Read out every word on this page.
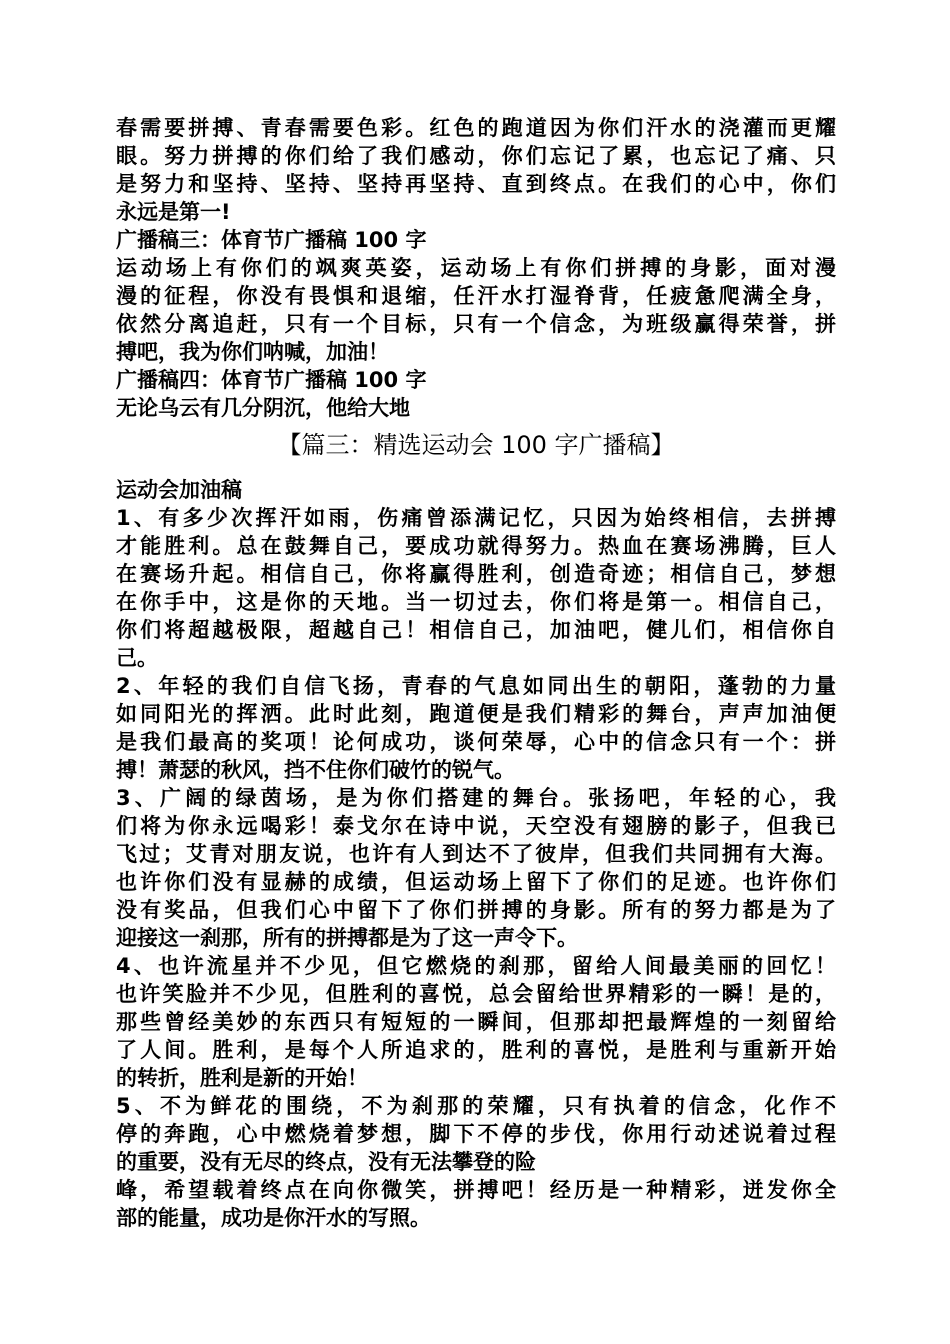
春需要拼搏、青春需要色彩。红色的跑道因为你们汗水的浇灌而更耀
眼。努力拼搏的你们给了我们感动，你们忘记了累，也忘记了痛、只
是努力和坚持、坚持、坚持再坚持、直到终点。在我们的心中，你们
永远是第一!
广播稿三：体育节广播稿 100 字
运动场上有你们的飒爽英姿，运动场上有你们拼搏的身影，面对漫
漫的征程，你没有畏惧和退缩，任汗水打湿脊背，任疲惫爬满全身，
依然分离追赶，只有一个目标，只有一个信念，为班级赢得荣誉，拼
搏吧，我为你们呐喊，加油！
广播稿四：体育节广播稿 100 字
无论乌云有几分阴沉，他给大地
【篇三：精选运动会 100 字广播稿】
运动会加油稿
1、有多少次挥汗如雨，伤痛曾添满记忆，只因为始终相信，去拼搏
才能胜利。总在鼓舞自己，要成功就得努力。热血在赛场沸腾，巨人
在赛场升起。相信自己，你将赢得胜利，创造奇迹；相信自己，梦想
在你手中，这是你的天地。当一切过去，你们将是第一。相信自己，
你们将超越极限，超越自己！相信自己，加油吧，健儿们，相信你自
己。
2、年轻的我们自信飞扬，青春的气息如同出生的朝阳，蓬勃的力量
如同阳光的挥洒。此时此刻，跑道便是我们精彩的舞台，声声加油便
是我们最高的奖项！论何成功，谈何荣辱，心中的信念只有一个：拼
搏！萧瑟的秋风，挡不住你们破竹的锐气。
3、广阔的绿茵场，是为你们搭建的舞台。张扬吧，年轻的心，我
们将为你永远喝彩！泰戈尔在诗中说，天空没有翅膀的影子，但我已
飞过；艾青对朋友说，也许有人到达不了彼岸，但我们共同拥有大海。
也许你们没有显赫的成绩，但运动场上留下了你们的足迹。也许你们
没有奖品，但我们心中留下了你们拼搏的身影。所有的努力都是为了
迎接这一刹那，所有的拼搏都是为了这一声令下。
4、也许流星并不少见，但它燃烧的刹那，留给人间最美丽的回忆！
也许笑脸并不少见，但胜利的喜悦，总会留给世界精彩的一瞬！是的，
那些曾经美妙的东西只有短短的一瞬间，但那却把最辉煌的一刻留给
了人间。胜利，是每个人所追求的，胜利的喜悦，是胜利与重新开始
的转折，胜利是新的开始！
5、不为鲜花的围绕，不为刹那的荣耀，只有执着的信念，化作不
停的奔跑，心中燃烧着梦想，脚下不停的步伐，你用行动述说着过程
的重要，没有无尽的终点，没有无法攀登的险
峰，希望载着终点在向你微笑，拼搏吧！经历是一种精彩，迸发你全
部的能量，成功是你汗水的写照。
